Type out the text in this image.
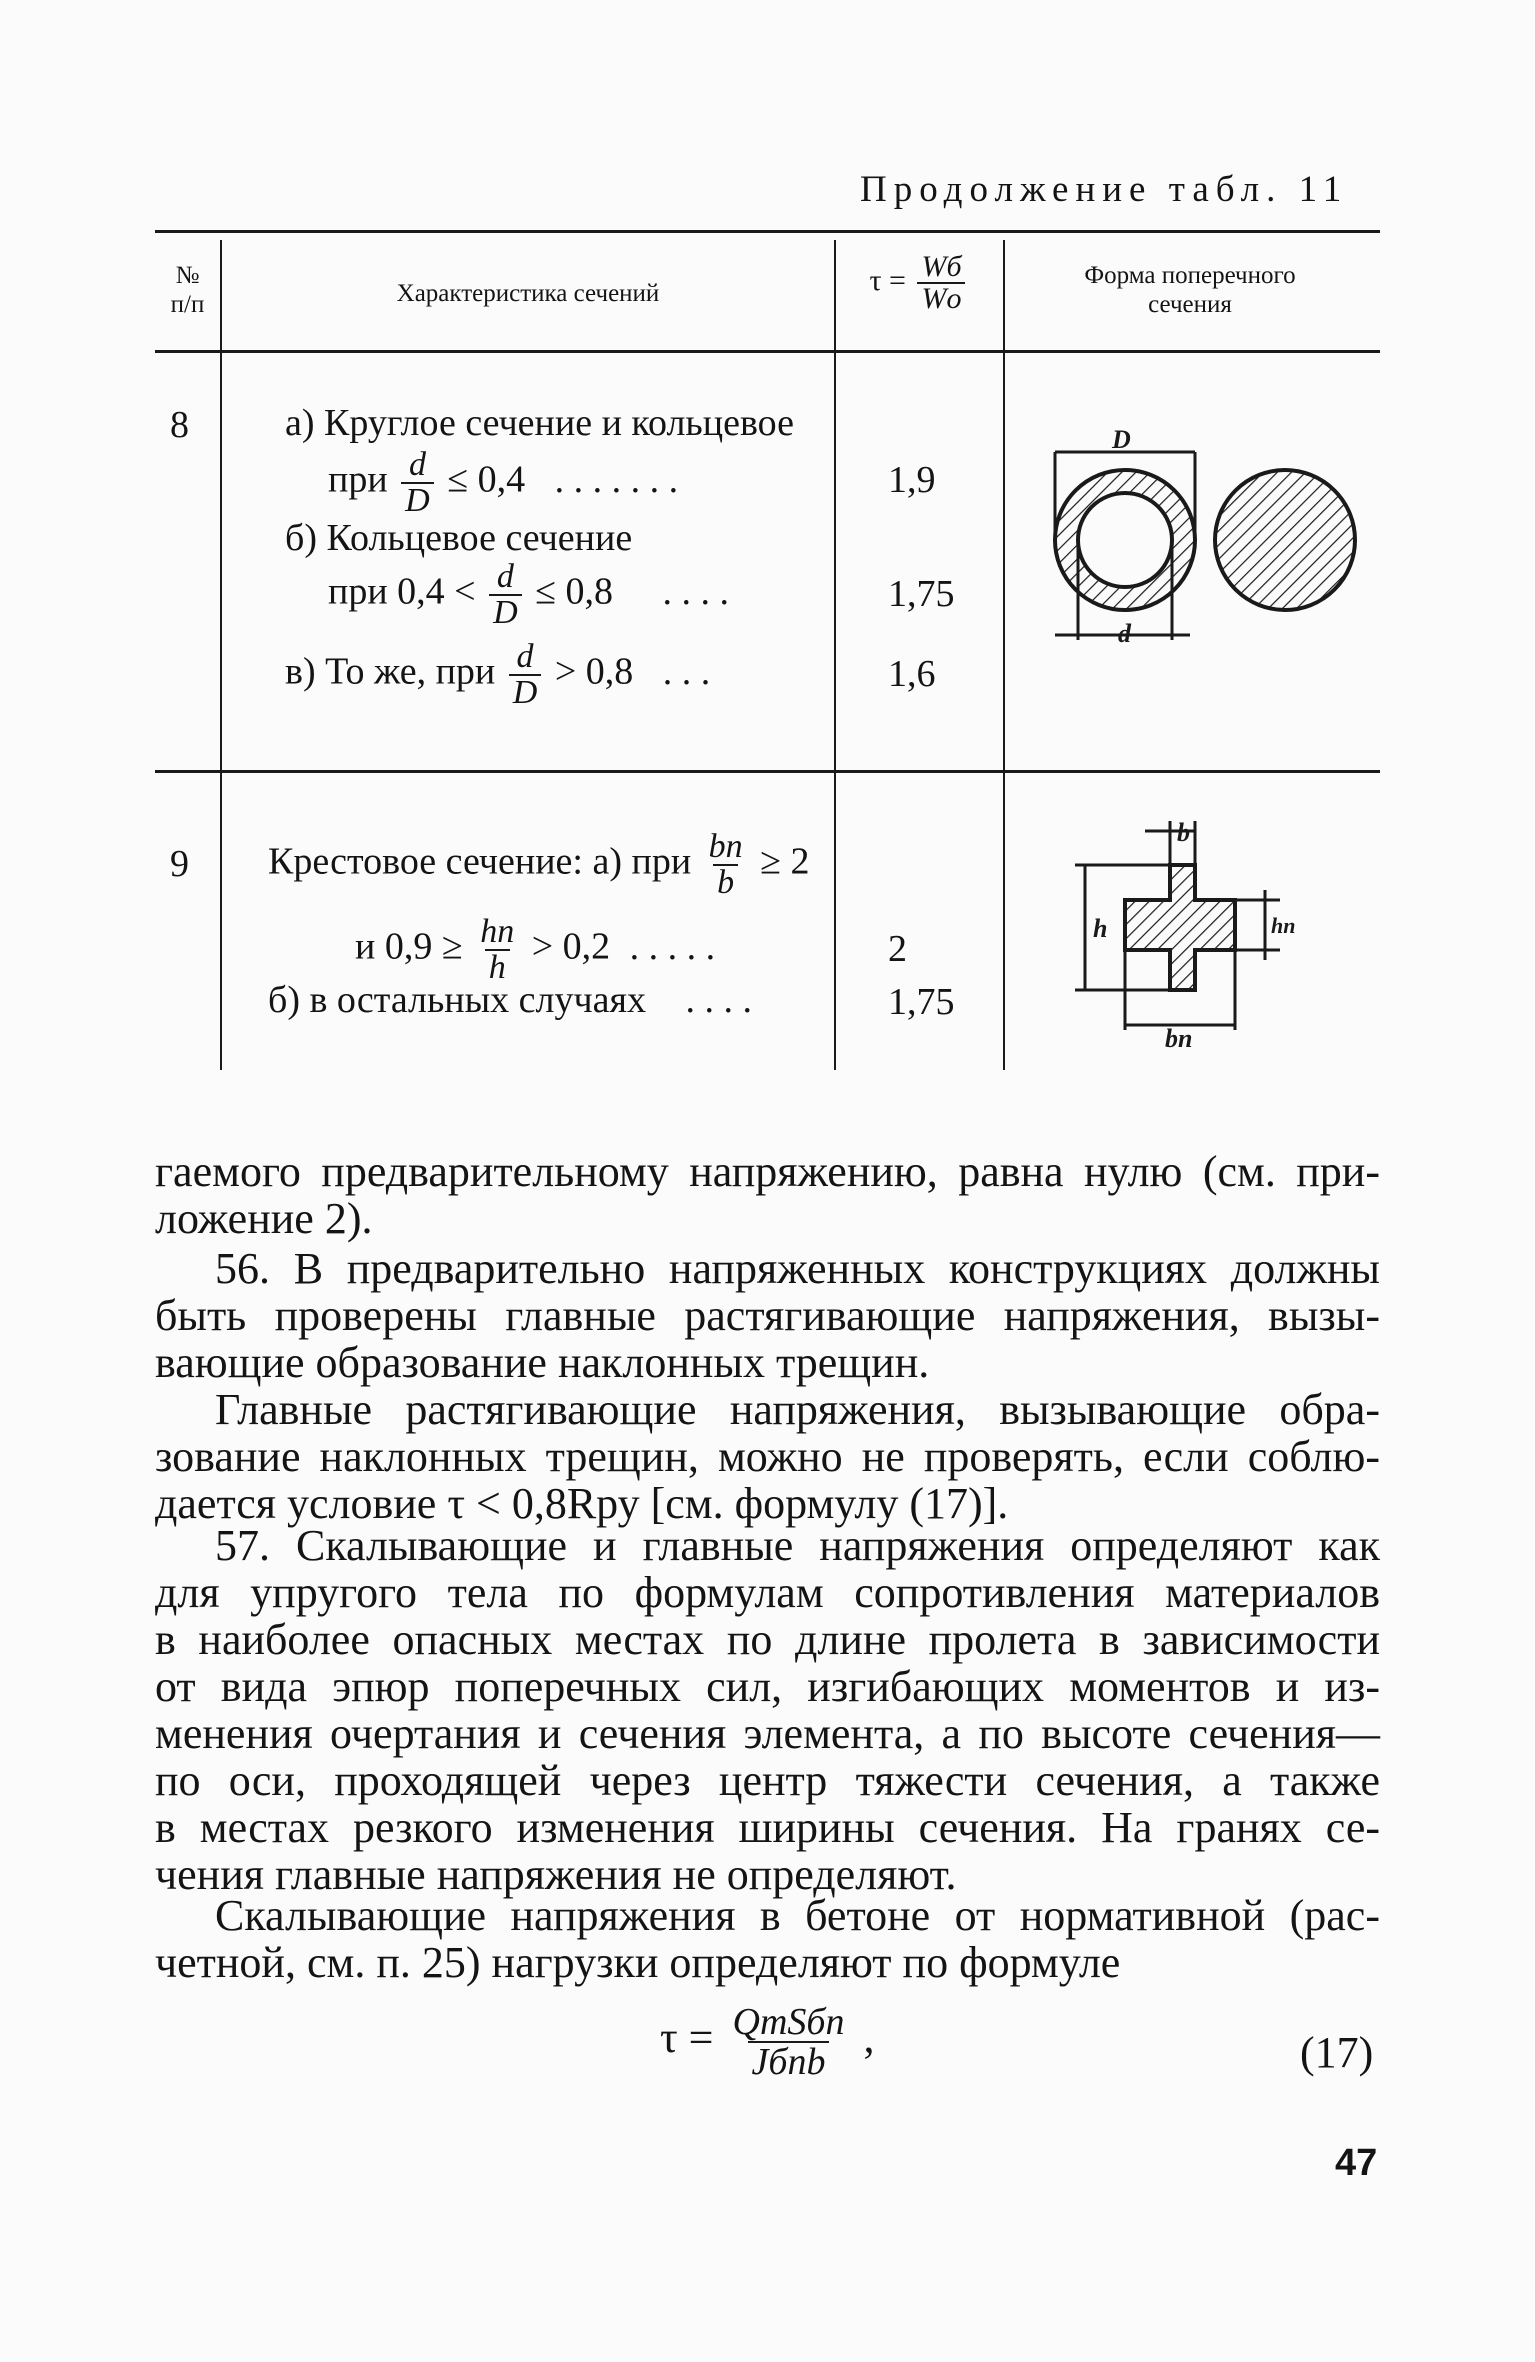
Продолжение табл. 11
№ п/п	Характеристика сечений	$\tau = \frac{Wб}{Wо}$	Форма поперечного сечения
8	а) Круглое сечение и кольцевое
при $\frac{d}{D} \le 0,4$ . . . . . . .	1,9
б) Кольцевое сечение
при $0,4 < \frac{d}{D} \le 0,8$ . . . .	1,75
в) То же, при $\frac{d}{D} > 0,8$ . . .	1,6
D
d
9 Крестовое сечение: а) при $\frac{bп}{b} \ge 2$
и $0,9 \ge \frac{hп}{h} > 0,2$ . . . . .	2
б) в остальных случаях . . . .	1,75
b
h	hп
bп
гаемого предварительному напряжению, равна нулю (см. при-
ложение 2).
56. В предварительно напряженных конструкциях должны
быть проверены главные растягивающие напряжения, вызы-
вающие образование наклонных трещин.
Главные растягивающие напряжения, вызывающие обра-
зование наклонных трещин, можно не проверять, если соблю-
дается условие τ < 0,8Rру [см. формулу (17)].
57. Скалывающие и главные напряжения определяют как
для упругого тела по формулам сопротивления материалов
в наиболее опасных местах по длине пролета в зависимости
от вида эпюр поперечных сил, изгибающих моментов и из-
менения очертания и сечения элемента, а по высоте сечения—
по оси, проходящей через центр тяжести сечения, а также
в местах резкого изменения ширины сечения. На гранях се-
чения главные напряжения не определяют.
Скалывающие напряжения в бетоне от нормативной (рас-
четной, см. п. 25) нагрузки определяют по формуле
$\tau = \frac{\text{QтSбп}}{\text{Jбпb}}$ ,	(17)
47
